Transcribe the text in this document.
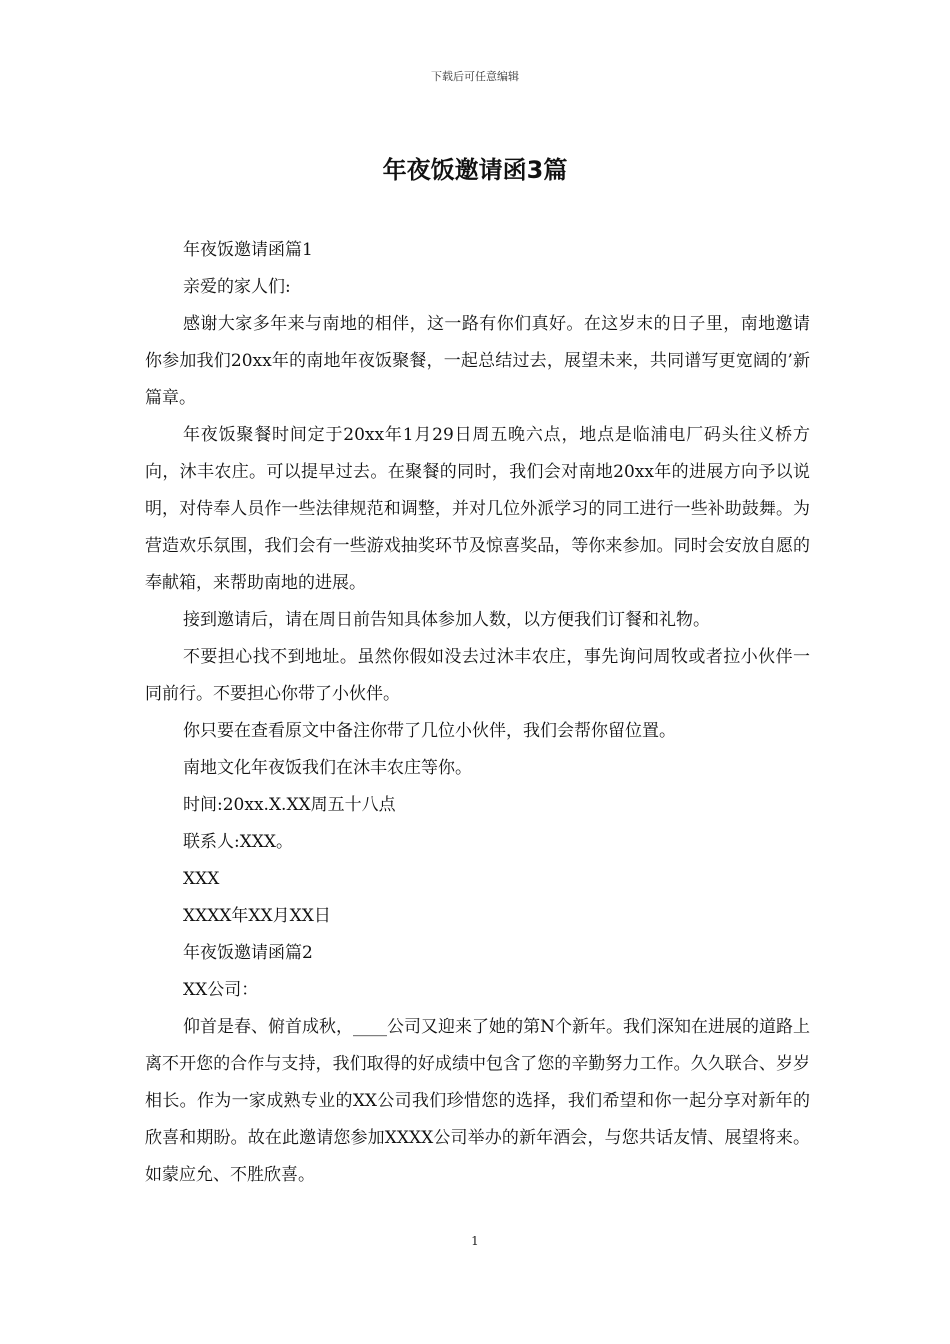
下载后可任意编辑
年夜饭邀请函3篇

年夜饭邀请函篇1

亲爱的家人们:

感谢大家多年来与南地的相伴，这一路有你们真好。在这岁末的日子里，南地邀请你参加我们20xx年的南地年夜饭聚餐，一起总结过去，展望未来，共同谱写更宽阔的’新篇章。

年夜饭聚餐时间定于20xx年1月29日周五晚六点，地点是临浦电厂码头往义桥方向，沐丰农庄。可以提早过去。在聚餐的同时，我们会对南地20xx年的进展方向予以说明，对侍奉人员作一些法律规范和调整，并对几位外派学习的同工进行一些补助鼓舞。为营造欢乐氛围，我们会有一些游戏抽奖环节及惊喜奖品，等你来参加。同时会安放自愿的奉献箱，来帮助南地的进展。

接到邀请后，请在周日前告知具体参加人数，以方便我们订餐和礼物。

不要担心找不到地址。虽然你假如没去过沐丰农庄，事先询问周牧或者拉小伙伴一同前行。不要担心你带了小伙伴。

你只要在查看原文中备注你带了几位小伙伴，我们会帮你留位置。

南地文化年夜饭我们在沐丰农庄等你。

时间:20xx.X.XX周五十八点

联系人:XXX。

XXX

XXXX年XX月XX日

年夜饭邀请函篇2

XX公司：

仰首是春、俯首成秋，____公司又迎来了她的第N个新年。我们深知在进展的道路上离不开您的合作与支持，我们取得的好成绩中包含了您的辛勤努力工作。久久联合、岁岁相长。作为一家成熟专业的XX公司我们珍惜您的选择，我们希望和你一起分享对新年的欣喜和期盼。故在此邀请您参加XXXX公司举办的新年酒会，与您共话友情、展望将来。如蒙应允、不胜欣喜。

1
